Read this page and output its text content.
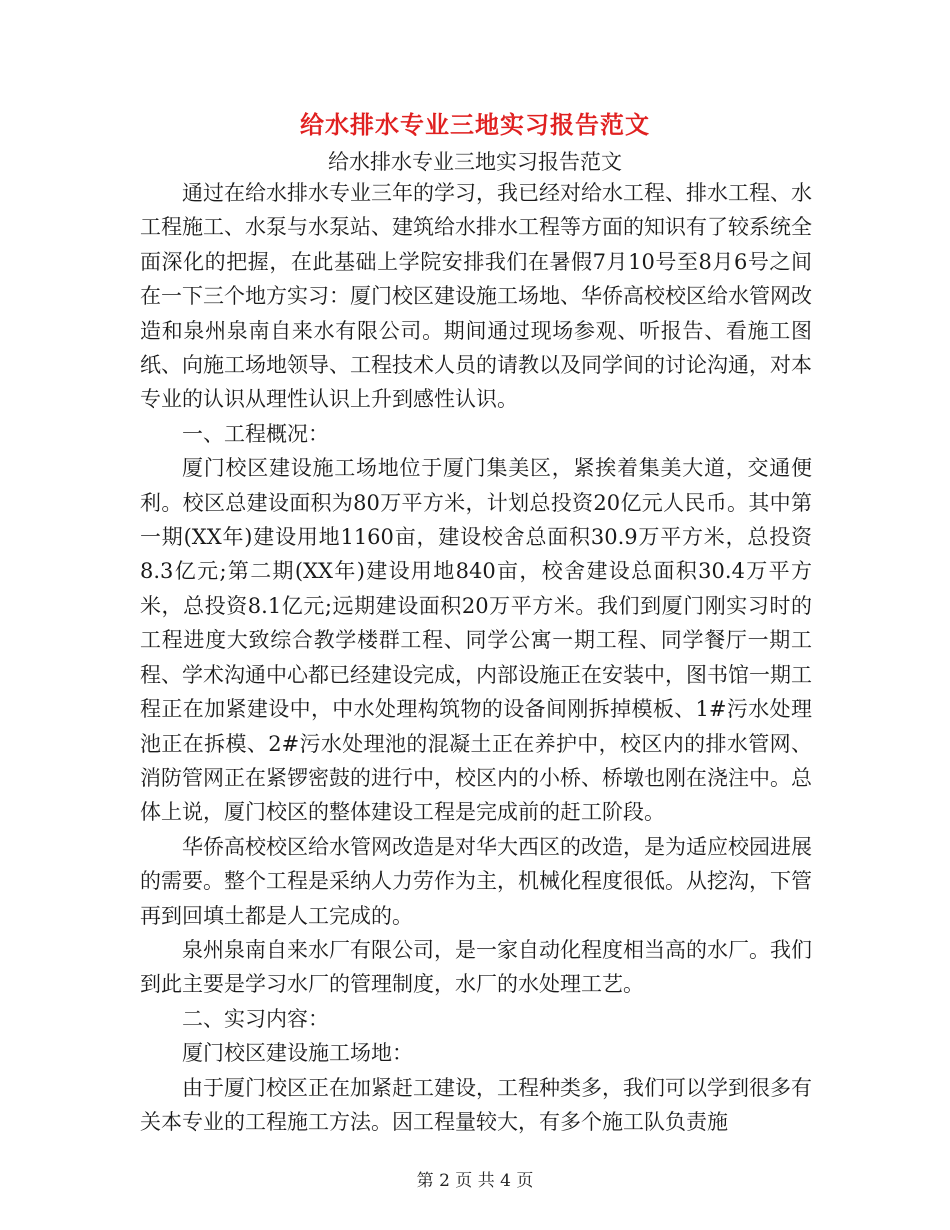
给水排水专业三地实习报告范文
给水排水专业三地实习报告范文

通过在给水排水专业三年的学习，我已经对给水工程、排水工程、水工程施工、水泵与水泵站、建筑给水排水工程等方面的知识有了较系统全面深化的把握，在此基础上学院安排我们在暑假7月10号至8月6号之间在一下三个地方实习：厦门校区建设施工场地、华侨高校校区给水管网改造和泉州泉南自来水有限公司。期间通过现场参观、听报告、看施工图纸、向施工场地领导、工程技术人员的请教以及同学间的讨论沟通，对本专业的认识从理性认识上升到感性认识。

一、工程概况：

厦门校区建设施工场地位于厦门集美区，紧挨着集美大道，交通便利。校区总建设面积为80万平方米，计划总投资20亿元人民币。其中第一期(XX年)建设用地1160亩，建设校舍总面积30.9万平方米，总投资8.3亿元;第二期(XX年)建设用地840亩，校舍建设总面积30.4万平方米，总投资8.1亿元;远期建设面积20万平方米。我们到厦门刚实习时的工程进度大致综合教学楼群工程、同学公寓一期工程、同学餐厅一期工程、学术沟通中心都已经建设完成，内部设施正在安装中，图书馆一期工程正在加紧建设中，中水处理构筑物的设备间刚拆掉模板、1#污水处理池正在拆模、2#污水处理池的混凝土正在养护中，校区内的排水管网、消防管网正在紧锣密鼓的进行中，校区内的小桥、桥墩也刚在浇注中。总体上说，厦门校区的整体建设工程是完成前的赶工阶段。

华侨高校校区给水管网改造是对华大西区的改造，是为适应校园进展的需要。整个工程是采纳人力劳作为主，机械化程度很低。从挖沟，下管再到回填土都是人工完成的。

泉州泉南自来水厂有限公司，是一家自动化程度相当高的水厂。我们到此主要是学习水厂的管理制度，水厂的水处理工艺。

二、实习内容：

厦门校区建设施工场地：

由于厦门校区正在加紧赶工建设，工程种类多，我们可以学到很多有关本专业的工程施工方法。因工程量较大，有多个施工队负责施

第 2 页 共 4 页
